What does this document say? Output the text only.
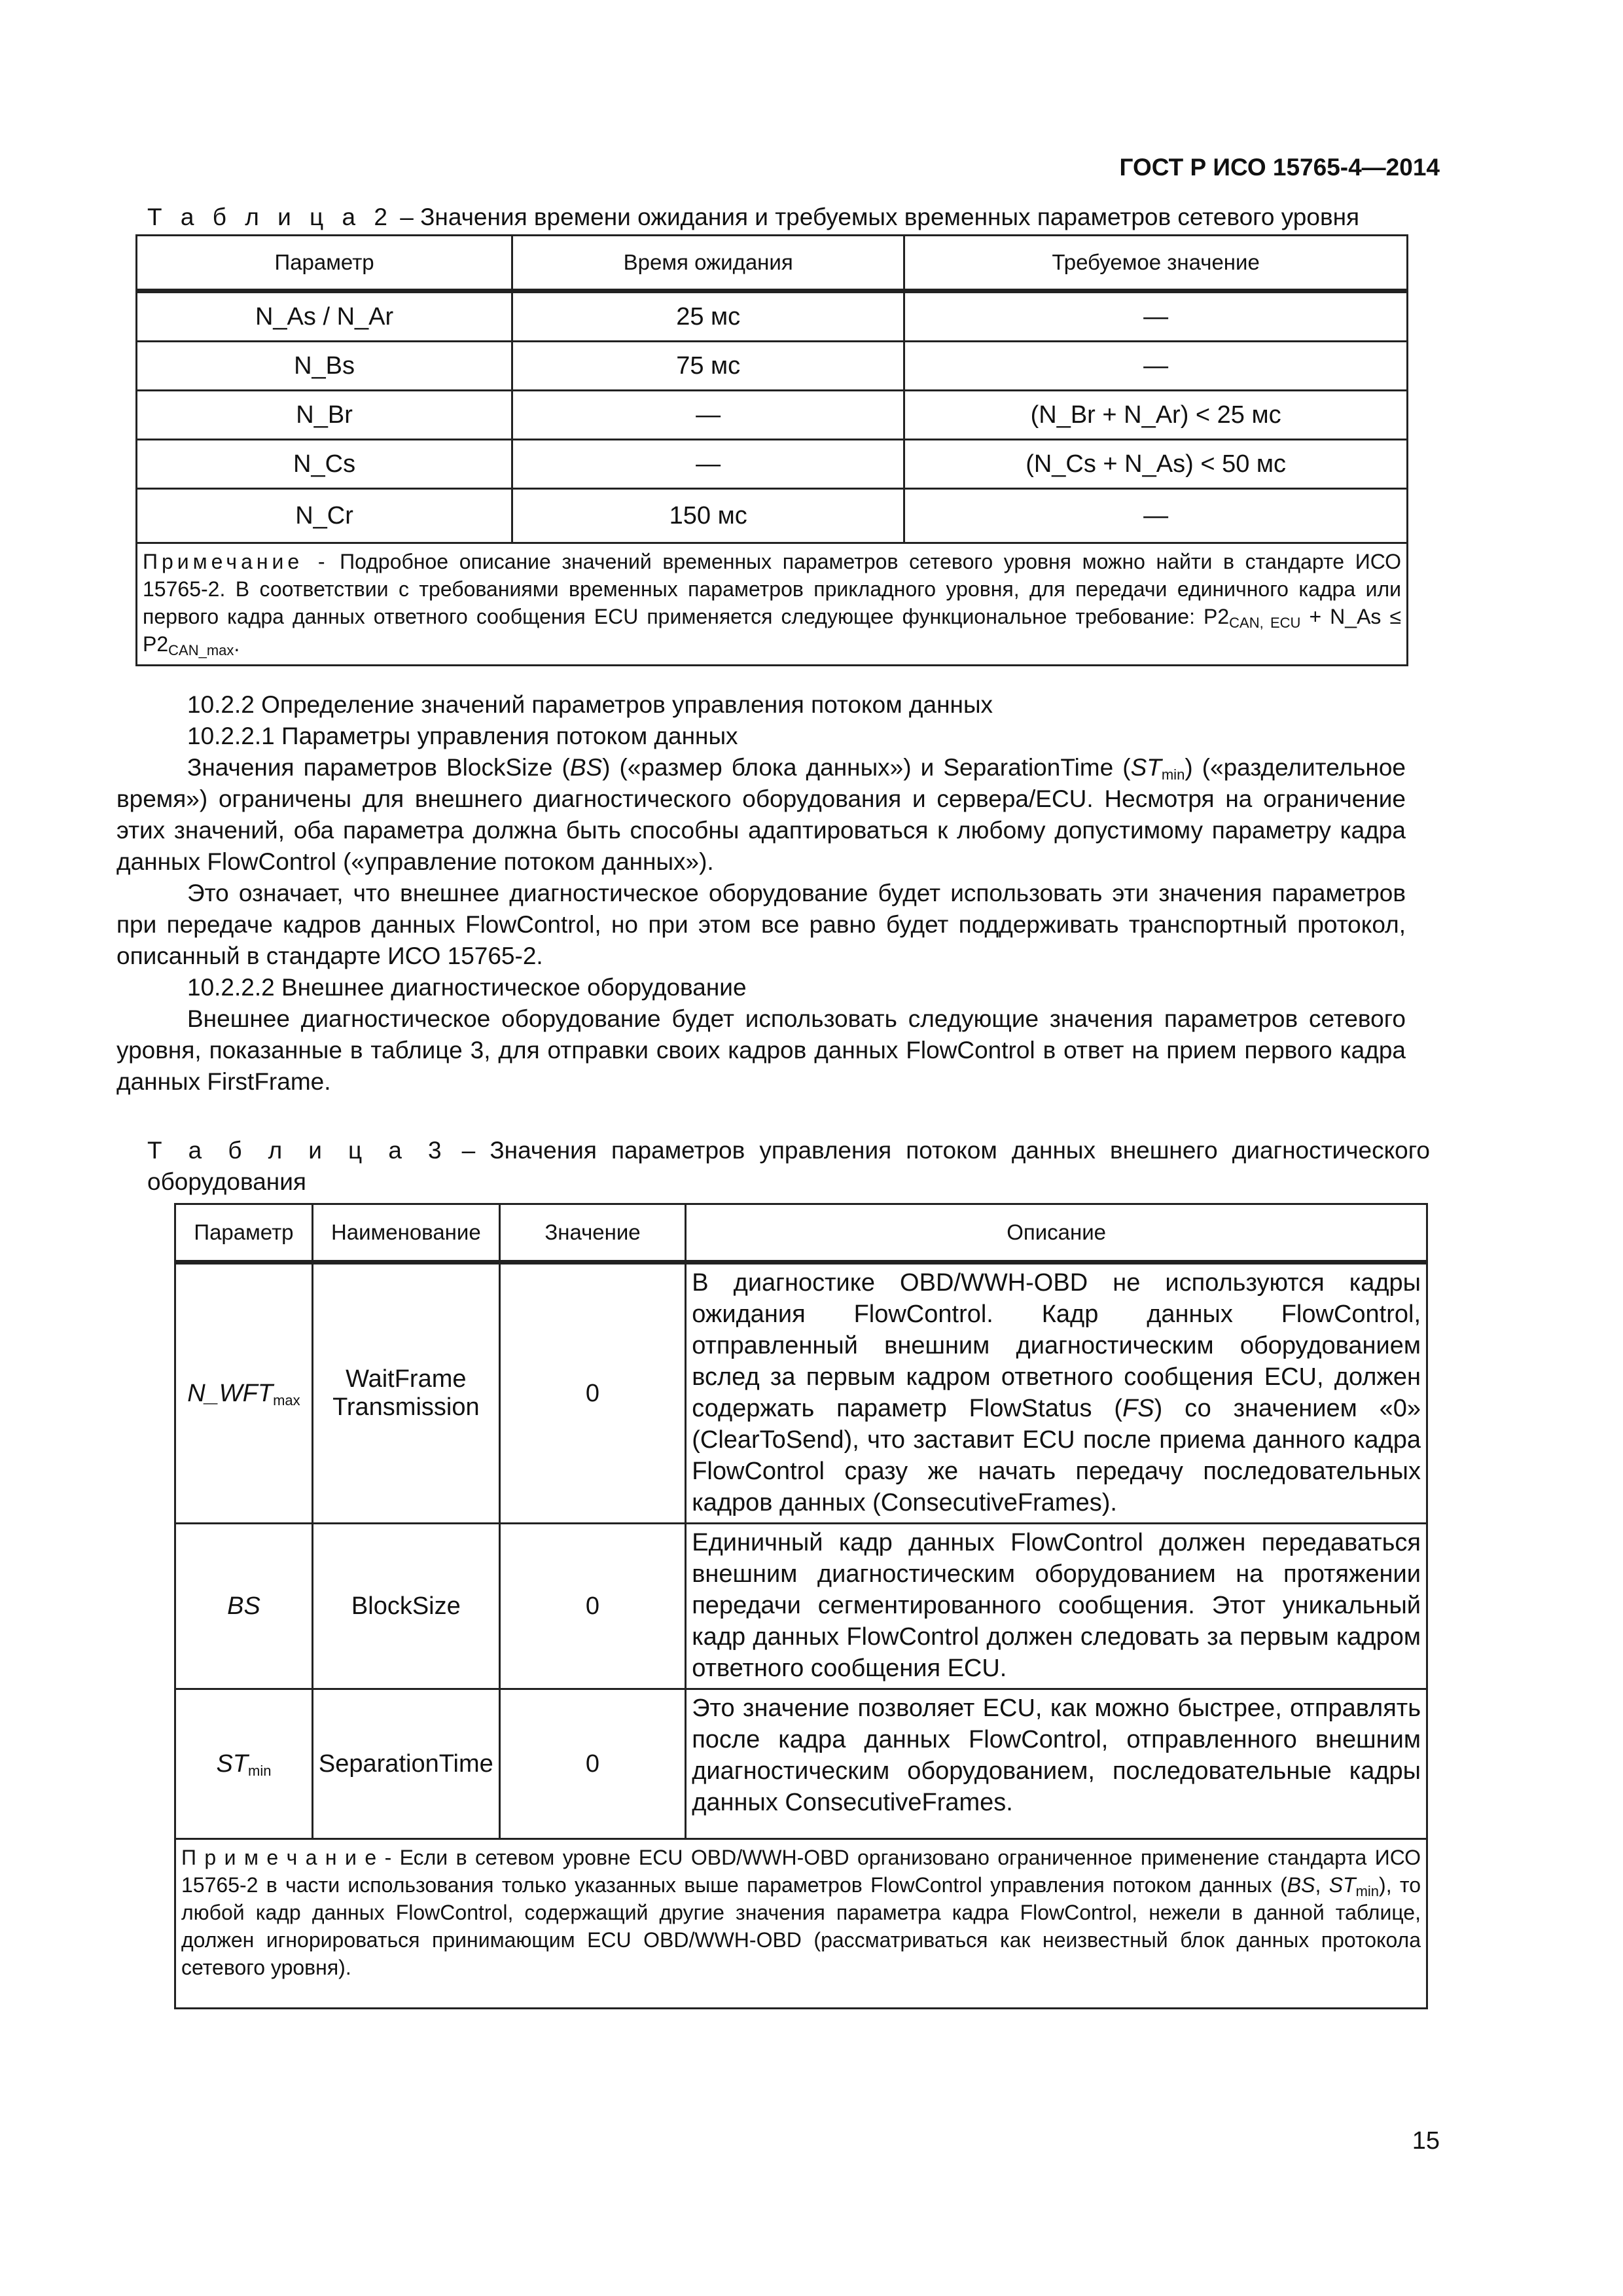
ГОСТ Р ИСО 15765-4—2014
Т а б л и ц а 2 – Значения времени ожидания и требуемых временных параметров сетевого уровня
Параметр	Время ожидания	Требуемое значение
N_As / N_Ar	25 мс	—
N_Bs	75 мс	—
N_Br	—	(N_Br + N_Ar) < 25 мс
N_Cs	—	(N_Cs + N_As) < 50 мс
N_Cr	150 мс	—
Примечание - Подробное описание значений временных параметров сетевого уровня можно найти в стандарте ИСО 15765-2. В соответствии с требованиями временных параметров прикладного уровня, для передачи единичного кадра или первого кадра данных ответного сообщения ECU применяется следующее функциональное требование: $P2_{CAN, ECU}$ + N_As ≤ $P2_{CAN\_max}$.		

10.2.2 Определение значений параметров управления потоком данных

10.2.2.1 Параметры управления потоком данных

Значения параметров BlockSize (BS) («размер блока данных») и SeparationTime $(ST_{min})$ («разделительное время») ограничены для внешнего диагностического оборудования и сервера/ECU. Несмотря на ограничение этих значений, оба параметра должна быть способны адаптироваться к любому допустимому параметру кадра данных FlowControl («управление потоком данных»).

Это означает, что внешнее диагностическое оборудование будет использовать эти значения параметров при передаче кадров данных FlowControl, но при этом все равно будет поддерживать транспортный протокол, описанный в стандарте ИСО 15765-2.

10.2.2.2 Внешнее диагностическое оборудование

Внешнее диагностическое оборудование будет использовать следующие значения параметров сетевого уровня, показанные в таблице 3, для отправки своих кадров данных FlowControl в ответ на прием первого кадра данных FirstFrame.

Т а б л и ц а 3 – Значения параметров управления потоком данных внешнего диагностического оборудования
Параметр	Наименование	Значение	Описание
$N\_WFT_{max}$	WaitFrame Transmission	0	В диагностике OBD/WWH-OBD не используются кадры ожидания FlowControl. Кадр данных FlowControl, отправленный внешним диагностическим оборудованием вслед за первым кадром ответного сообщения ECU, должен содержать параметр FlowStatus (FS) со значением «0» (ClearToSend), что заставит ECU после приема данного кадра FlowControl сразу же начать передачу последовательных кадров данных (ConsecutiveFrames).
BS	BlockSize	0	Единичный кадр данных FlowControl должен передаваться внешним диагностическим оборудованием на протяжении передачи сегментированного сообщения. Этот уникальный кадр данных FlowControl должен следовать за первым кадром ответного сообщения ECU.
$ST_{min}$	SeparationTime	0	Это значение позволяет ECU, как можно быстрее, отправлять после кадра данных FlowControl, отправленного внешним диагностическим оборудованием, последовательные кадры данных ConsecutiveFrames.
П р и м е ч а н и е - Если в сетевом уровне ECU OBD/WWH-OBD организовано ограниченное применение стандарта ИСО 15765-2 в части использования только указанных выше параметров FlowControl управления потоком данных (BS, $ST_{min}$), то любой кадр данных FlowControl, содержащий другие значения параметра кадра FlowControl, нежели в данной таблице, должен игнорироваться принимающим ECU OBD/WWH-OBD (рассматриваться как неизвестный блок данных протокола сетевого уровня).			
15
